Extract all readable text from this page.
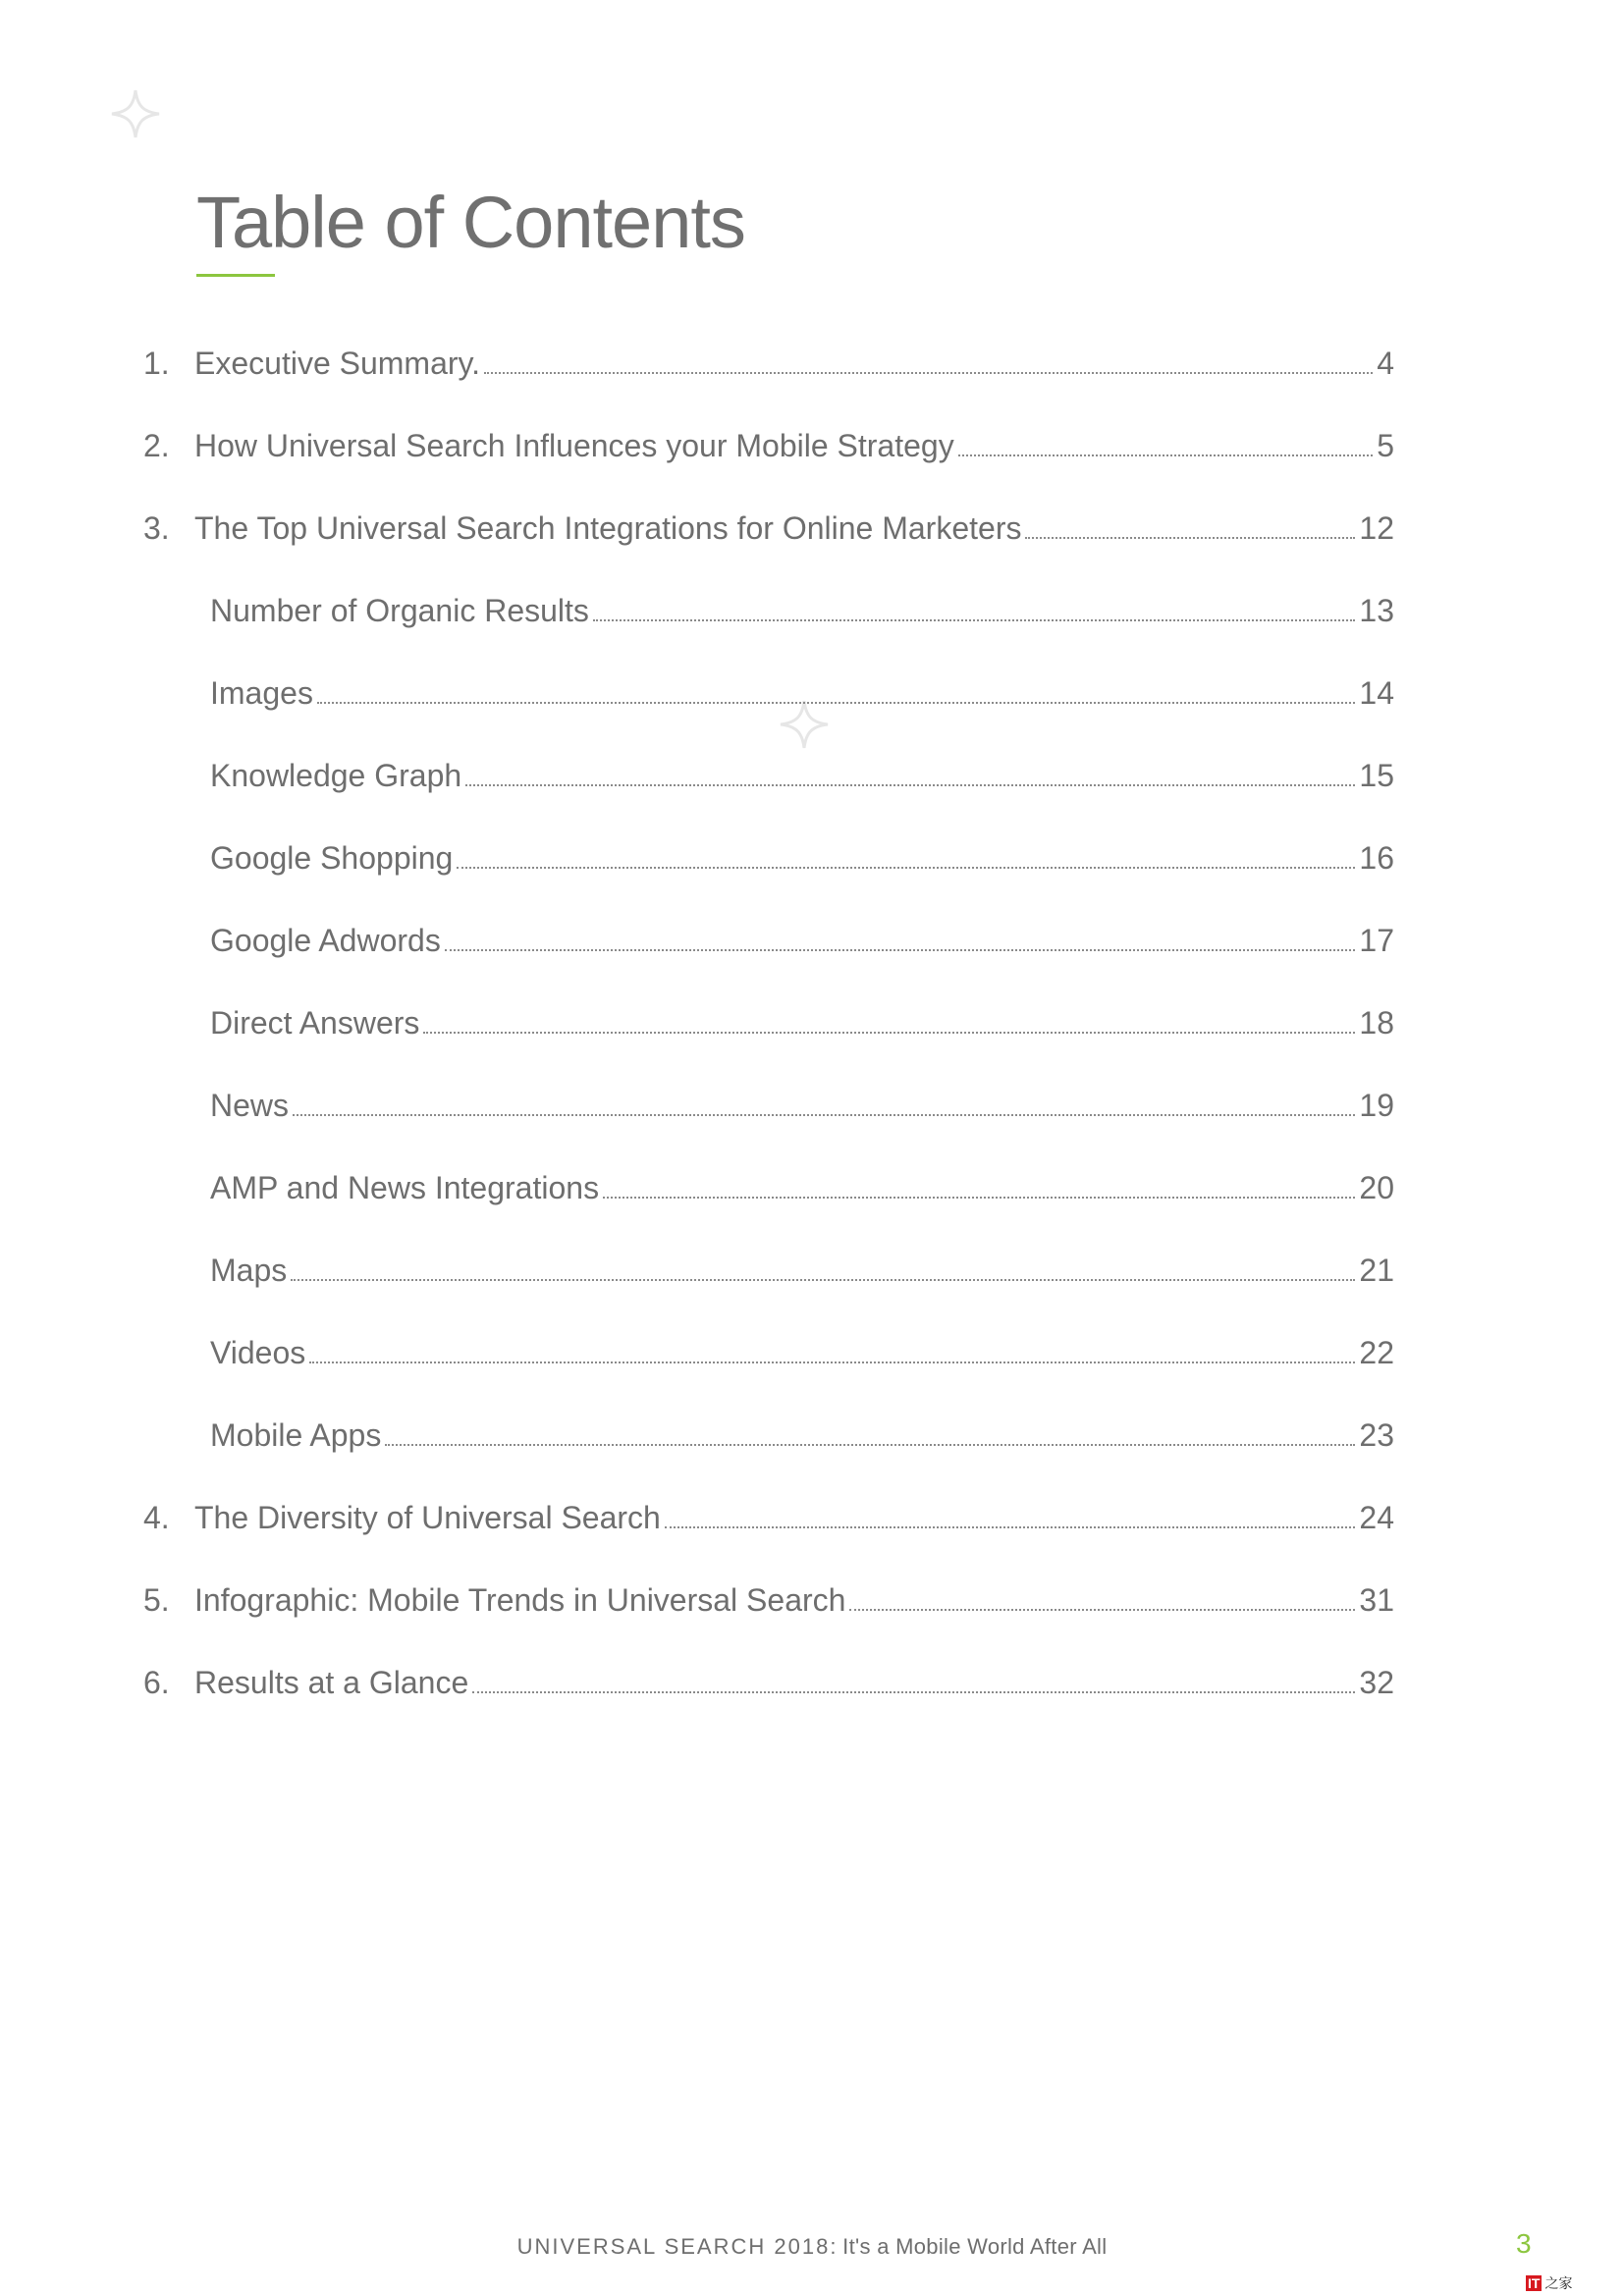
Table of Contents
1. Executive Summary.	4
2. How Universal Search Influences your Mobile Strategy	5
3. The Top Universal Search Integrations for Online Marketers	12
Number of Organic Results	13
Images	14
Knowledge Graph	15
Google Shopping	16
Google Adwords	17
Direct Answers	18
News	19
AMP and News Integrations	20
Maps	21
Videos	22
Mobile Apps	23
4. The Diversity of Universal Search	24
5. Infographic: Mobile Trends in Universal Search	31
6. Results at a Glance	32
UNIVERSAL SEARCH 2018: It's a Mobile World After All	3
IT 之家
